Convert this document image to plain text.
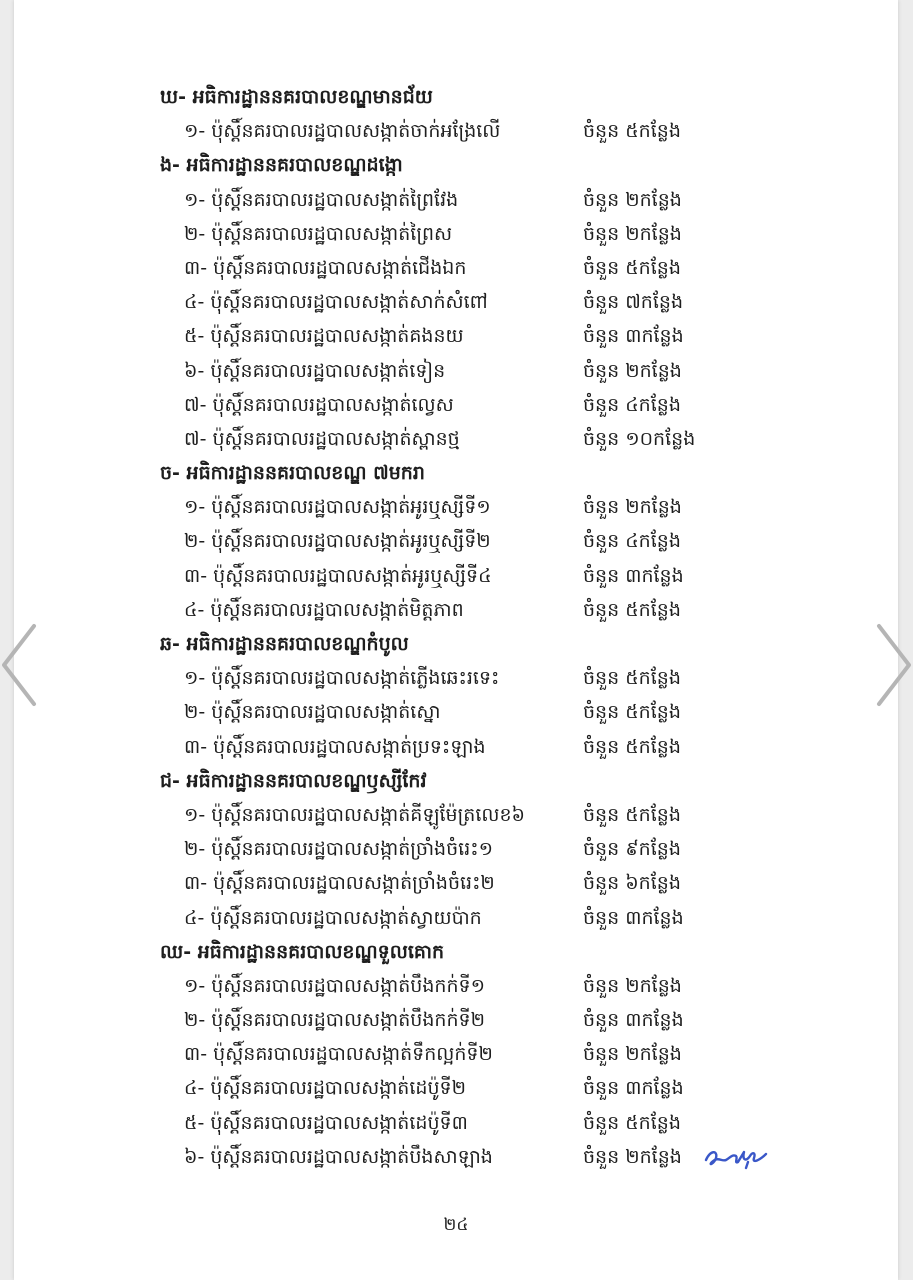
ឃ- អធិការដ្ឋាននគរបាលខណ្ឌមានជ័យ
១- ប៉ុស្តិ៍នគរបាលរដ្ឋបាលសង្កាត់ចាក់អង្រែលើ	ចំនួន ៥កន្លែង
ង- អធិការដ្ឋាននគរបាលខណ្ឌដង្កោ
១- ប៉ុស្តិ៍នគរបាលរដ្ឋបាលសង្កាត់ព្រៃវែង	ចំនួន ២កន្លែង
២- ប៉ុស្តិ៍នគរបាលរដ្ឋបាលសង្កាត់ព្រៃស	ចំនួន ២កន្លែង
៣- ប៉ុស្តិ៍នគរបាលរដ្ឋបាលសង្កាត់ជើងឯក	ចំនួន ៥កន្លែង
៤- ប៉ុស្តិ៍នគរបាលរដ្ឋបាលសង្កាត់សាក់សំពៅ	ចំនួន ៧កន្លែង
៥- ប៉ុស្តិ៍នគរបាលរដ្ឋបាលសង្កាត់គងនយ	ចំនួន ៣កន្លែង
៦- ប៉ុស្តិ៍នគរបាលរដ្ឋបាលសង្កាត់ទៀន	ចំនួន ២កន្លែង
៧- ប៉ុស្តិ៍នគរបាលរដ្ឋបាលសង្កាត់ល្វេស	ចំនួន ៤កន្លែង
៧- ប៉ុស្តិ៍នគរបាលរដ្ឋបាលសង្កាត់ស្ពានថ្ម	ចំនួន ១០កន្លែង
ច- អធិការដ្ឋាននគរបាលខណ្ឌ ៧មករា
១- ប៉ុស្តិ៍នគរបាលរដ្ឋបាលសង្កាត់អូរឬស្សីទី១	ចំនួន ២កន្លែង
២- ប៉ុស្តិ៍នគរបាលរដ្ឋបាលសង្កាត់អូរឬស្សីទី២	ចំនួន ៤កន្លែង
៣- ប៉ុស្តិ៍នគរបាលរដ្ឋបាលសង្កាត់អូរឬស្សីទី៤	ចំនួន ៣កន្លែង
៤- ប៉ុស្តិ៍នគរបាលរដ្ឋបាលសង្កាត់មិត្តភាព	ចំនួន ៥កន្លែង
ឆ- អធិការដ្ឋាននគរបាលខណ្ឌកំបូល
១- ប៉ុស្តិ៍នគរបាលរដ្ឋបាលសង្កាត់ភ្លើងឆេះរទេះ	ចំនួន ៥កន្លែង
២- ប៉ុស្តិ៍នគរបាលរដ្ឋបាលសង្កាត់ស្នោ	ចំនួន ៥កន្លែង
៣- ប៉ុស្តិ៍នគរបាលរដ្ឋបាលសង្កាត់ប្រទះឡាង	ចំនួន ៥កន្លែង
ជ- អធិការដ្ឋាននគរបាលខណ្ឌឫស្សីកែវ
១- ប៉ុស្តិ៍នគរបាលរដ្ឋបាលសង្កាត់គីឡូម៉ែត្រលេខ៦	ចំនួន ៥កន្លែង
២- ប៉ុស្តិ៍នគរបាលរដ្ឋបាលសង្កាត់ច្រាំងចំរេះ១	ចំនួន ៩កន្លែង
៣- ប៉ុស្តិ៍នគរបាលរដ្ឋបាលសង្កាត់ច្រាំងចំរេះ២	ចំនួន ៦កន្លែង
៤- ប៉ុស្តិ៍នគរបាលរដ្ឋបាលសង្កាត់ស្វាយប៉ាក	ចំនួន ៣កន្លែង
ឈ- អធិការដ្ឋាននគរបាលខណ្ឌទួលគោក
១- ប៉ុស្តិ៍នគរបាលរដ្ឋបាលសង្កាត់បឹងកក់ទី១	ចំនួន ២កន្លែង
២- ប៉ុស្តិ៍នគរបាលរដ្ឋបាលសង្កាត់បឹងកក់ទី២	ចំនួន ៣កន្លែង
៣- ប៉ុស្តិ៍នគរបាលរដ្ឋបាលសង្កាត់ទឹកល្អក់ទី២	ចំនួន ២កន្លែង
៤- ប៉ុស្តិ៍នគរបាលរដ្ឋបាលសង្កាត់ដេប៉ូទី២	ចំនួន ៣កន្លែង
៥- ប៉ុស្តិ៍នគរបាលរដ្ឋបាលសង្កាត់ដេប៉ូទី៣	ចំនួន ៥កន្លែង
៦- ប៉ុស្តិ៍នគរបាលរដ្ឋបាលសង្កាត់បឹងសាឡាង	ចំនួន ២កន្លែង
២៤
